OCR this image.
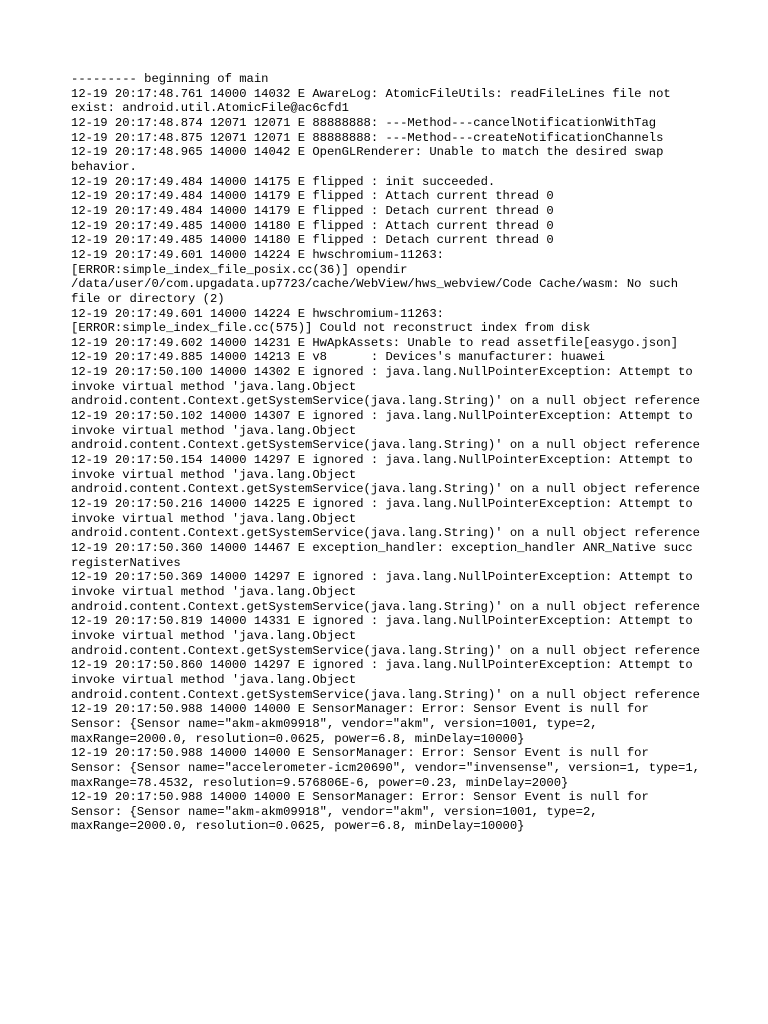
--------- beginning of main

12-19 20:17:48.761 14000 14032 E AwareLog: AtomicFileUtils: readFileLines file not exist: android.util.AtomicFile@ac6cfd1

12-19 20:17:48.874 12071 12071 E 88888888: ---Method---cancelNotificationWithTag

12-19 20:17:48.875 12071 12071 E 88888888: ---Method---createNotificationChannels

12-19 20:17:48.965 14000 14042 E OpenGLRenderer: Unable to match the desired swap behavior.

12-19 20:17:49.484 14000 14175 E flipped : init succeeded.

12-19 20:17:49.484 14000 14179 E flipped : Attach current thread 0

12-19 20:17:49.484 14000 14179 E flipped : Detach current thread 0

12-19 20:17:49.485 14000 14180 E flipped : Attach current thread 0

12-19 20:17:49.485 14000 14180 E flipped : Detach current thread 0

12-19 20:17:49.601 14000 14224 E hwschromium-11263:

[ERROR:simple_index_file_posix.cc(36)] opendir

/data/user/0/com.upgadata.up7723/cache/WebView/hws_webview/Code Cache/wasm: No such file or directory (2)

12-19 20:17:49.601 14000 14224 E hwschromium-11263:

[ERROR:simple_index_file.cc(575)] Could not reconstruct index from disk

12-19 20:17:49.602 14000 14231 E HwApkAssets: Unable to read assetfile[easygo.json]

12-19 20:17:49.885 14000 14213 E v8      : Devices's manufacturer: huawei

12-19 20:17:50.100 14000 14302 E ignored : java.lang.NullPointerException: Attempt to invoke virtual method 'java.lang.Object

android.content.Context.getSystemService(java.lang.String)' on a null object reference

12-19 20:17:50.102 14000 14307 E ignored : java.lang.NullPointerException: Attempt to invoke virtual method 'java.lang.Object

android.content.Context.getSystemService(java.lang.String)' on a null object reference

12-19 20:17:50.154 14000 14297 E ignored : java.lang.NullPointerException: Attempt to invoke virtual method 'java.lang.Object

android.content.Context.getSystemService(java.lang.String)' on a null object reference

12-19 20:17:50.216 14000 14225 E ignored : java.lang.NullPointerException: Attempt to invoke virtual method 'java.lang.Object

android.content.Context.getSystemService(java.lang.String)' on a null object reference

12-19 20:17:50.360 14000 14467 E exception_handler: exception_handler ANR_Native succ registerNatives

12-19 20:17:50.369 14000 14297 E ignored : java.lang.NullPointerException: Attempt to invoke virtual method 'java.lang.Object

android.content.Context.getSystemService(java.lang.String)' on a null object reference

12-19 20:17:50.819 14000 14331 E ignored : java.lang.NullPointerException: Attempt to invoke virtual method 'java.lang.Object

android.content.Context.getSystemService(java.lang.String)' on a null object reference

12-19 20:17:50.860 14000 14297 E ignored : java.lang.NullPointerException: Attempt to invoke virtual method 'java.lang.Object

android.content.Context.getSystemService(java.lang.String)' on a null object reference

12-19 20:17:50.988 14000 14000 E SensorManager: Error: Sensor Event is null for Sensor: {Sensor name="akm-akm09918", vendor="akm", version=1001, type=2, maxRange=2000.0, resolution=0.0625, power=6.8, minDelay=10000}

12-19 20:17:50.988 14000 14000 E SensorManager: Error: Sensor Event is null for Sensor: {Sensor name="accelerometer-icm20690", vendor="invensense", version=1, type=1, maxRange=78.4532, resolution=9.576806E-6, power=0.23, minDelay=2000}

12-19 20:17:50.988 14000 14000 E SensorManager: Error: Sensor Event is null for Sensor: {Sensor name="akm-akm09918", vendor="akm", version=1001, type=2, maxRange=2000.0, resolution=0.0625, power=6.8, minDelay=10000}
